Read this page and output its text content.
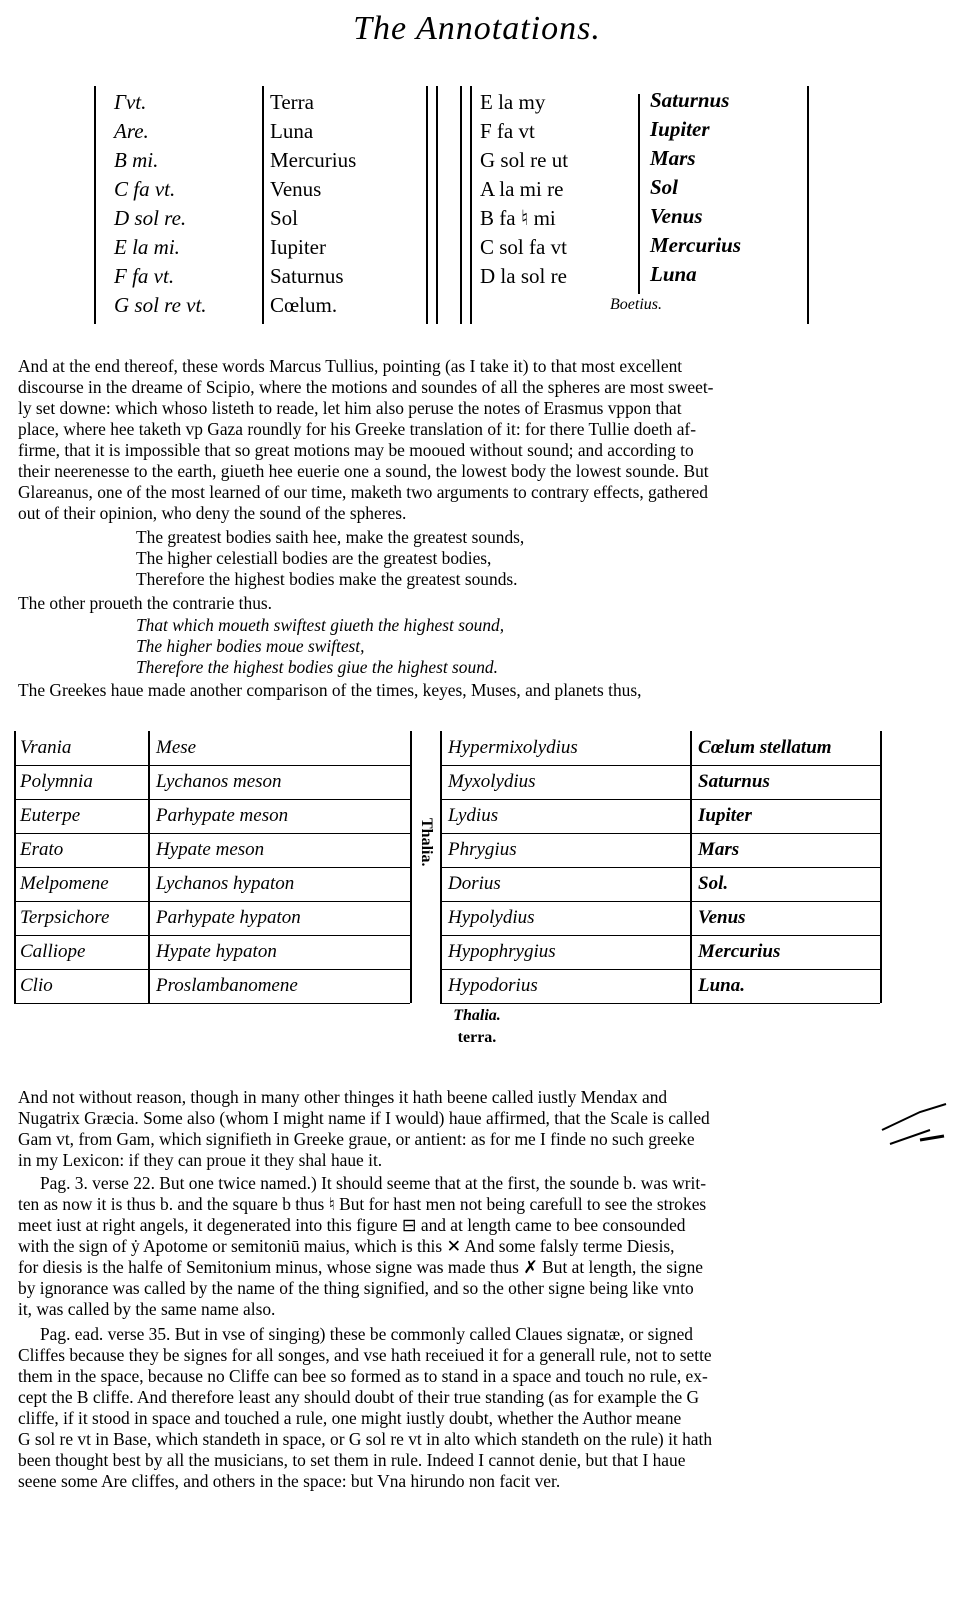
The Annotations.
Γvt.
Are.
B mi.
C fa vt.
D sol re.
E la mi.
F fa vt.
G sol re vt.
Terra
Luna
Mercurius
Venus
Sol
Iupiter
Saturnus
Cœlum.
E la my
F fa vt
G sol re ut
A la mi re
B fa ♮ mi
C sol fa vt
D la sol re
Saturnus
Iupiter
Mars
Sol
Venus
Mercurius
Luna
Boetius.
And at the end thereof, these words Marcus Tullius, pointing (as I take it) to that most excellent
discourse in the dreame of Scipio, where the motions and soundes of all the spheres are most sweet-
ly set downe: which whoso listeth to reade, let him also peruse the notes of Erasmus vppon that
place, where hee taketh vp Gaza roundly for his Greeke translation of it: for there Tullie doeth af-
firme, that it is impossible that so great motions may be mooued without sound; and according to
their neerenesse to the earth, giueth hee euerie one a sound, the lowest body the lowest sounde. But
Glareanus, one of the most learned of our time, maketh two arguments to contrary effects, gathered
out of their opinion, who deny the sound of the spheres.
The greatest bodies saith hee, make the greatest sounds,
The higher celestiall bodies are the greatest bodies,
Therefore the highest bodies make the greatest sounds.
The other proueth the contrarie thus.
That which moueth swiftest giueth the highest sound,
The higher bodies moue swiftest,
Therefore the highest bodies giue the highest sound.
The Greekes haue made another comparison of the times, keyes, Muses, and planets thus,
Vrania
Polymnia
Euterpe
Erato
Melpomene
Terpsichore
Calliope
Clio
Mese
Lychanos meson
Parhypate meson
Hypate meson
Lychanos hypaton
Parhypate hypaton
Hypate hypaton
Proslambanomene
Hypermixolydius
Myxolydius
Lydius
Phrygius
Dorius
Hypolydius
Hypophrygius
Hypodorius
Cœlum stellatum
Saturnus
Iupiter
Mars
Sol.
Venus
Mercurius
Luna.
Thalia.
Thalia.
terra.
And not without reason, though in many other thinges it hath beene called iustly Mendax and
Nugatrix Græcia. Some also (whom I might name if I would) haue affirmed, that the Scale is called
Gam vt, from Gam, which signifieth in Greeke graue, or antient: as for me I finde no such greeke
in my Lexicon: if they can proue it they shal haue it.
Pag. 3. verse 22. But one twice named.) It should seeme that at the first, the sounde b. was writ-
ten as now it is thus b. and the square b thus ♮ But for hast men not being carefull to see the strokes
meet iust at right angels, it degenerated into this figure ⊟ and at length came to bee consounded
with the sign of ẏ Apotome or semitoniū maius, which is this ✕ And some falsly terme Diesis,
for diesis is the halfe of Semitonium minus, whose signe was made thus ✗ But at length, the signe
by ignorance was called by the name of the thing signified, and so the other signe being like vnto
it, was called by the same name also.
Pag. ead. verse 35. But in vse of singing) these be commonly called Claues signatæ, or signed
Cliffes because they be signes for all songes, and vse hath receiued it for a generall rule, not to sette
them in the space, because no Cliffe can bee so formed as to stand in a space and touch no rule, ex-
cept the B cliffe. And therefore least any should doubt of their true standing (as for example the G
cliffe, if it stood in space and touched a rule, one might iustly doubt, whether the Author meane
G sol re vt in Base, which standeth in space, or G sol re vt in alto which standeth on the rule) it hath
been thought best by all the musicians, to set them in rule. Indeed I cannot denie, but that I haue
seene some Are cliffes, and others in the space: but Vna hirundo non facit ver.
